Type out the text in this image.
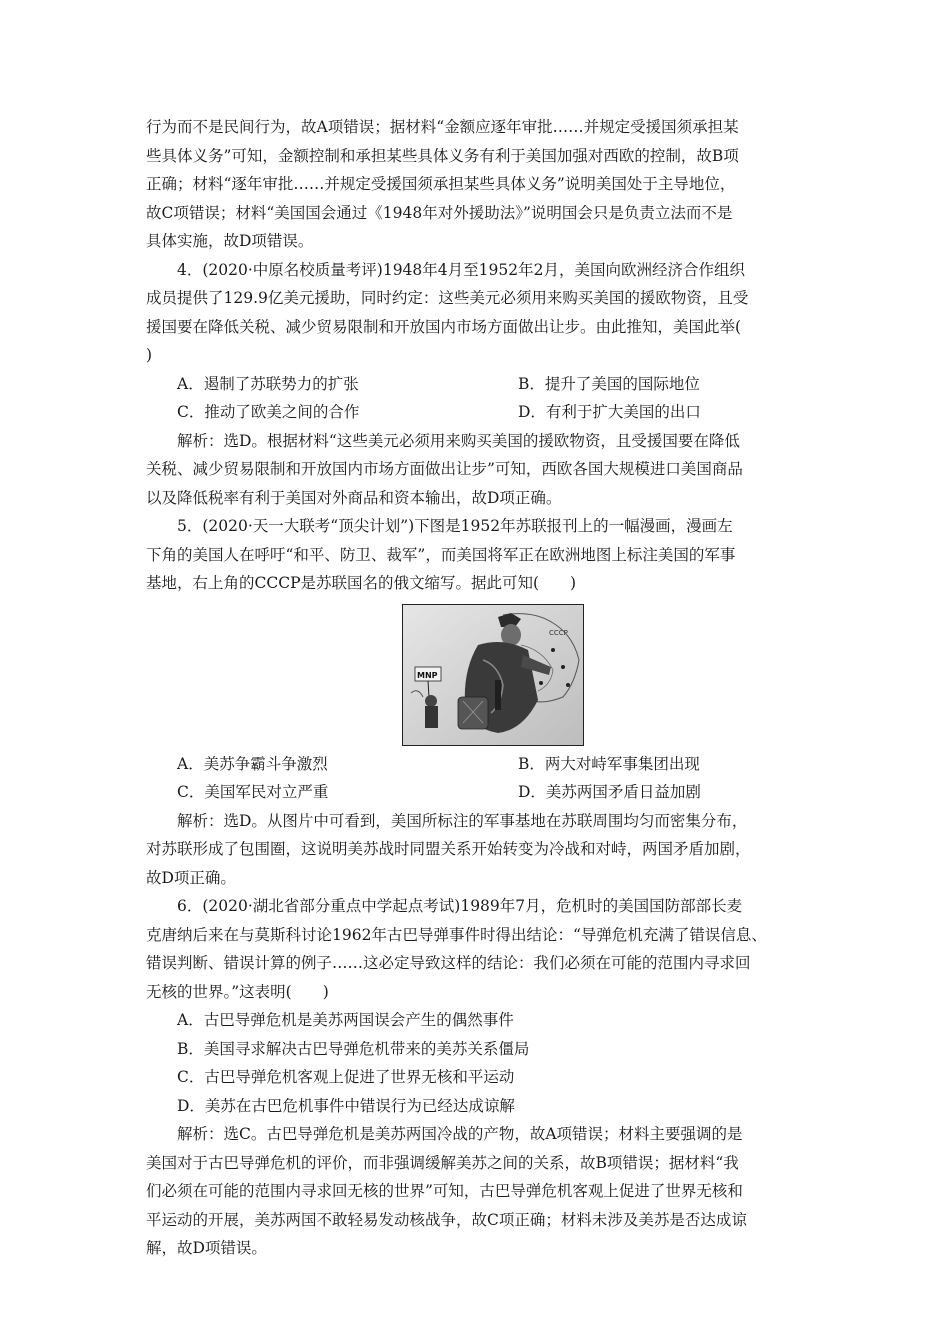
行为而不是民间行为，故A项错误；据材料“金额应逐年审批……并规定受援国须承担某
些具体义务”可知，金额控制和承担某些具体义务有利于美国加强对西欧的控制，故B项
正确；材料“逐年审批……并规定受援国须承担某些具体义务”说明美国处于主导地位，
故C项错误；材料“美国国会通过《1948年对外援助法》”说明国会只是负责立法而不是
具体实施，故D项错误。
4．(2020·中原名校质量考评)1948年4月至1952年2月，美国向欧洲经济合作组织
成员提供了129.9亿美元援助，同时约定：这些美元必须用来购买美国的援欧物资，且受
援国要在降低关税、减少贸易限制和开放国内市场方面做出让步。由此推知，美国此举(
)
A．遏制了苏联势力的扩张	B．提升了美国的国际地位
C．推动了欧美之间的合作	D．有利于扩大美国的出口
解析：选D。根据材料“这些美元必须用来购买美国的援欧物资，且受援国要在降低
关税、减少贸易限制和开放国内市场方面做出让步”可知，西欧各国大规模进口美国商品
以及降低税率有利于美国对外商品和资本输出，故D项正确。
5．(2020·天一大联考“顶尖计划”)下图是1952年苏联报刊上的一幅漫画，漫画左
下角的美国人在呼吁“和平、防卫、裁军”，而美国将军正在欧洲地图上标注美国的军事
基地，右上角的CCCP是苏联国名的俄文缩写。据此可知(　　)
CCCP
MNP
A．美苏争霸斗争激烈	B．两大对峙军事集团出现
C．美国军民对立严重	D．美苏两国矛盾日益加剧
解析：选D。从图片中可看到，美国所标注的军事基地在苏联周围均匀而密集分布，
对苏联形成了包围圈，这说明美苏战时同盟关系开始转变为冷战和对峙，两国矛盾加剧，
故D项正确。
6．(2020·湖北省部分重点中学起点考试)1989年7月，危机时的美国国防部部长麦
克唐纳后来在与莫斯科讨论1962年古巴导弹事件时得出结论：“导弹危机充满了错误信息、
错误判断、错误计算的例子……这必定导致这样的结论：我们必须在可能的范围内寻求回
无核的世界。”这表明(　　)
A．古巴导弹危机是美苏两国误会产生的偶然事件
B．美国寻求解决古巴导弹危机带来的美苏关系僵局
C．古巴导弹危机客观上促进了世界无核和平运动
D．美苏在古巴危机事件中错误行为已经达成谅解
解析：选C。古巴导弹危机是美苏两国冷战的产物，故A项错误；材料主要强调的是
美国对于古巴导弹危机的评价，而非强调缓解美苏之间的关系，故B项错误；据材料“我
们必须在可能的范围内寻求回无核的世界”可知，古巴导弹危机客观上促进了世界无核和
平运动的开展，美苏两国不敢轻易发动核战争，故C项正确；材料未涉及美苏是否达成谅
解，故D项错误。
